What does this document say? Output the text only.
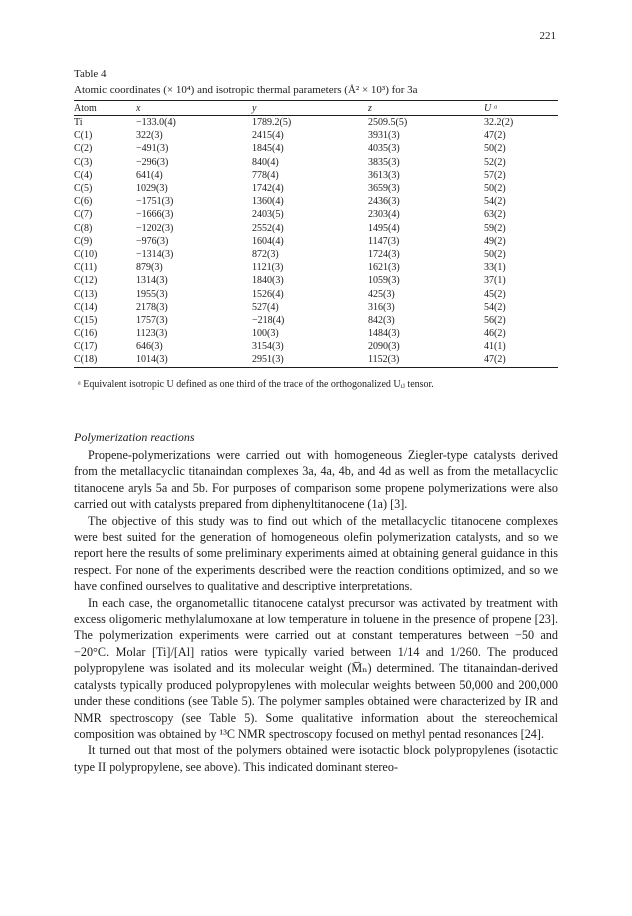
221
Table 4
Atomic coordinates (× 10⁴) and isotropic thermal parameters (Å² × 10³) for 3a
Atom	x	y	z	U ᵃ
Ti	−133.0(4)	1789.2(5)	2509.5(5)	32.2(2)
C(1)	322(3)	2415(4)	3931(3)	47(2)
C(2)	−491(3)	1845(4)	4035(3)	50(2)
C(3)	−296(3)	840(4)	3835(3)	52(2)
C(4)	641(4)	778(4)	3613(3)	57(2)
C(5)	1029(3)	1742(4)	3659(3)	50(2)
C(6)	−1751(3)	1360(4)	2436(3)	54(2)
C(7)	−1666(3)	2403(5)	2303(4)	63(2)
C(8)	−1202(3)	2552(4)	1495(4)	59(2)
C(9)	−976(3)	1604(4)	1147(3)	49(2)
C(10)	−1314(3)	872(3)	1724(3)	50(2)
C(11)	879(3)	1121(3)	1621(3)	33(1)
C(12)	1314(3)	1840(3)	1059(3)	37(1)
C(13)	1955(3)	1526(4)	425(3)	45(2)
C(14)	2178(3)	527(4)	316(3)	54(2)
C(15)	1757(3)	−218(4)	842(3)	56(2)
C(16)	1123(3)	100(3)	1484(3)	46(2)
C(17)	646(3)	3154(3)	2090(3)	41(1)
C(18)	1014(3)	2951(3)	1152(3)	47(2)
ᵃ Equivalent isotropic U defined as one third of the trace of the orthogonalized Uᵢⱼ tensor.
Polymerization reactions

Propene-polymerizations were carried out with homogeneous Ziegler-type catalysts derived from the metallacyclic titanaindan complexes 3a, 4a, 4b, and 4d as well as from the metallacyclic titanocene aryls 5a and 5b. For purposes of comparison some propene polymerizations were also carried out with catalysts prepared from diphenyltitanocene (1a) [3].

The objective of this study was to find out which of the metallacyclic titanocene complexes were best suited for the generation of homogeneous olefin polymerization catalysts, and so we report here the results of some preliminary experiments aimed at obtaining general guidance in this respect. For none of the experiments described were the reaction conditions optimized, and so we have confined ourselves to qualitative and descriptive interpretations.

In each case, the organometallic titanocene catalyst precursor was activated by treatment with excess oligomeric methylalumoxane at low temperature in toluene in the presence of propene [23]. The polymerization experiments were carried out at constant temperatures between −50 and −20°C. Molar [Ti]/[Al] ratios were typically varied between 1/14 and 1/260. The produced polypropylene was isolated and its molecular weight (M̅ₙ) determined. The titanaindan-derived catalysts typically produced polypropylenes with molecular weights between 50,000 and 200,000 under these conditions (see Table 5). The polymer samples obtained were characterized by IR and NMR spectroscopy (see Table 5). Some qualitative information about the stereochemical composition was obtained by ¹³C NMR spectroscopy focused on methyl pentad resonances [24].

It turned out that most of the polymers obtained were isotactic block polypropylenes (isotactic type II polypropylene, see above). This indicated dominant stereo-
